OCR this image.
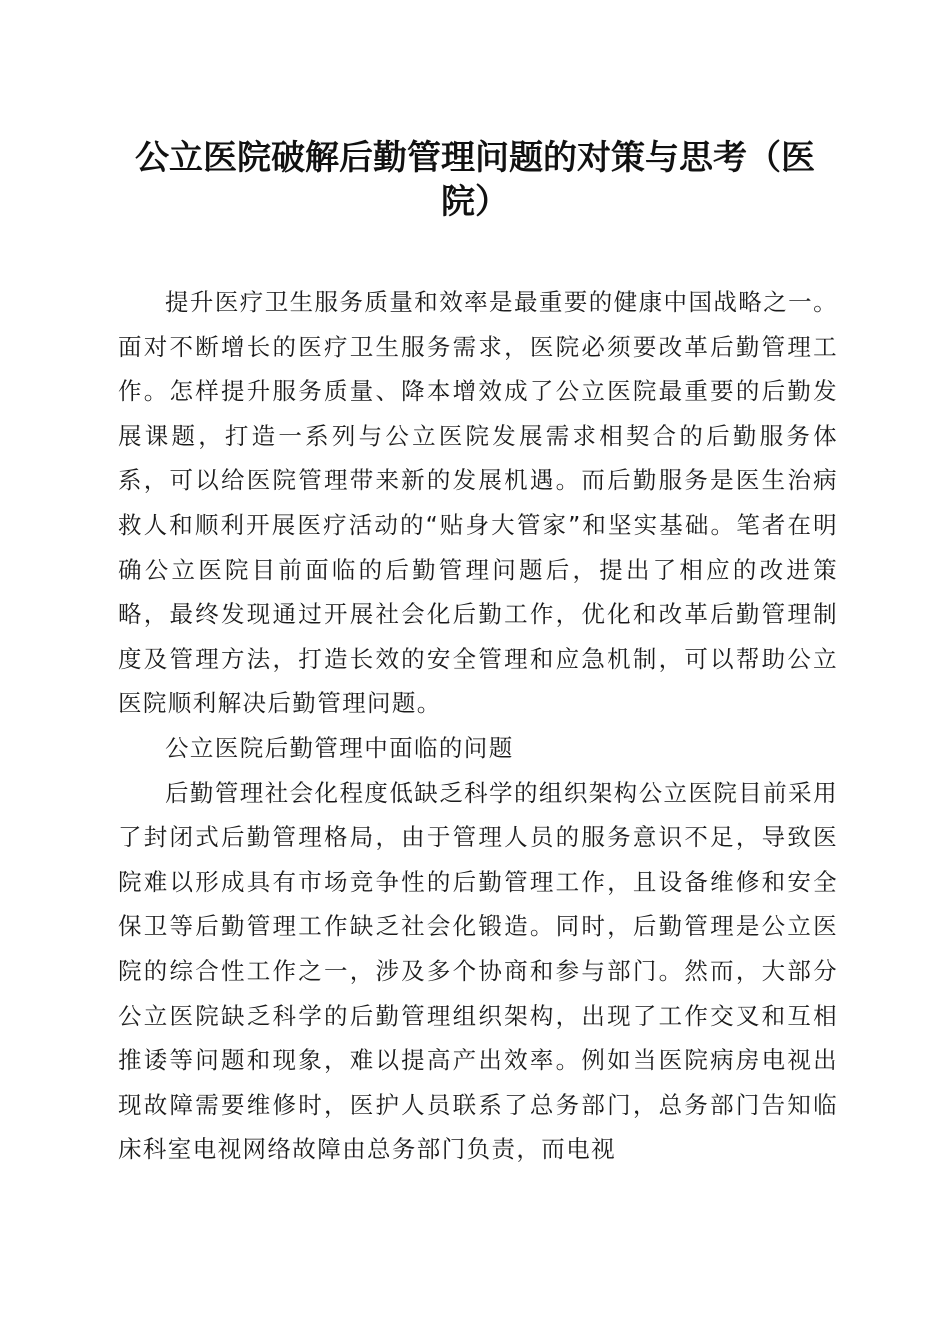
公立医院破解后勤管理问题的对策与思考（医院）

提升医疗卫生服务质量和效率是最重要的健康中国战略之一。面对不断增长的医疗卫生服务需求，医院必须要改革后勤管理工作。怎样提升服务质量、降本增效成了公立医院最重要的后勤发展课题，打造一系列与公立医院发展需求相契合的后勤服务体系，可以给医院管理带来新的发展机遇。而后勤服务是医生治病救人和顺利开展医疗活动的“贴身大管家”和坚实基础。笔者在明确公立医院目前面临的后勤管理问题后，提出了相应的改进策略，最终发现通过开展社会化后勤工作，优化和改革后勤管理制度及管理方法，打造长效的安全管理和应急机制，可以帮助公立医院顺利解决后勤管理问题。

公立医院后勤管理中面临的问题

后勤管理社会化程度低缺乏科学的组织架构公立医院目前采用了封闭式后勤管理格局，由于管理人员的服务意识不足，导致医院难以形成具有市场竞争性的后勤管理工作，且设备维修和安全保卫等后勤管理工作缺乏社会化锻造。同时，后勤管理是公立医院的综合性工作之一，涉及多个协商和参与部门。然而，大部分公立医院缺乏科学的后勤管理组织架构，出现了工作交叉和互相推诿等问题和现象，难以提高产出效率。例如当医院病房电视出现故障需要维修时，医护人员联系了总务部门，总务部门告知临床科室电视网络故障由总务部门负责，而电视
